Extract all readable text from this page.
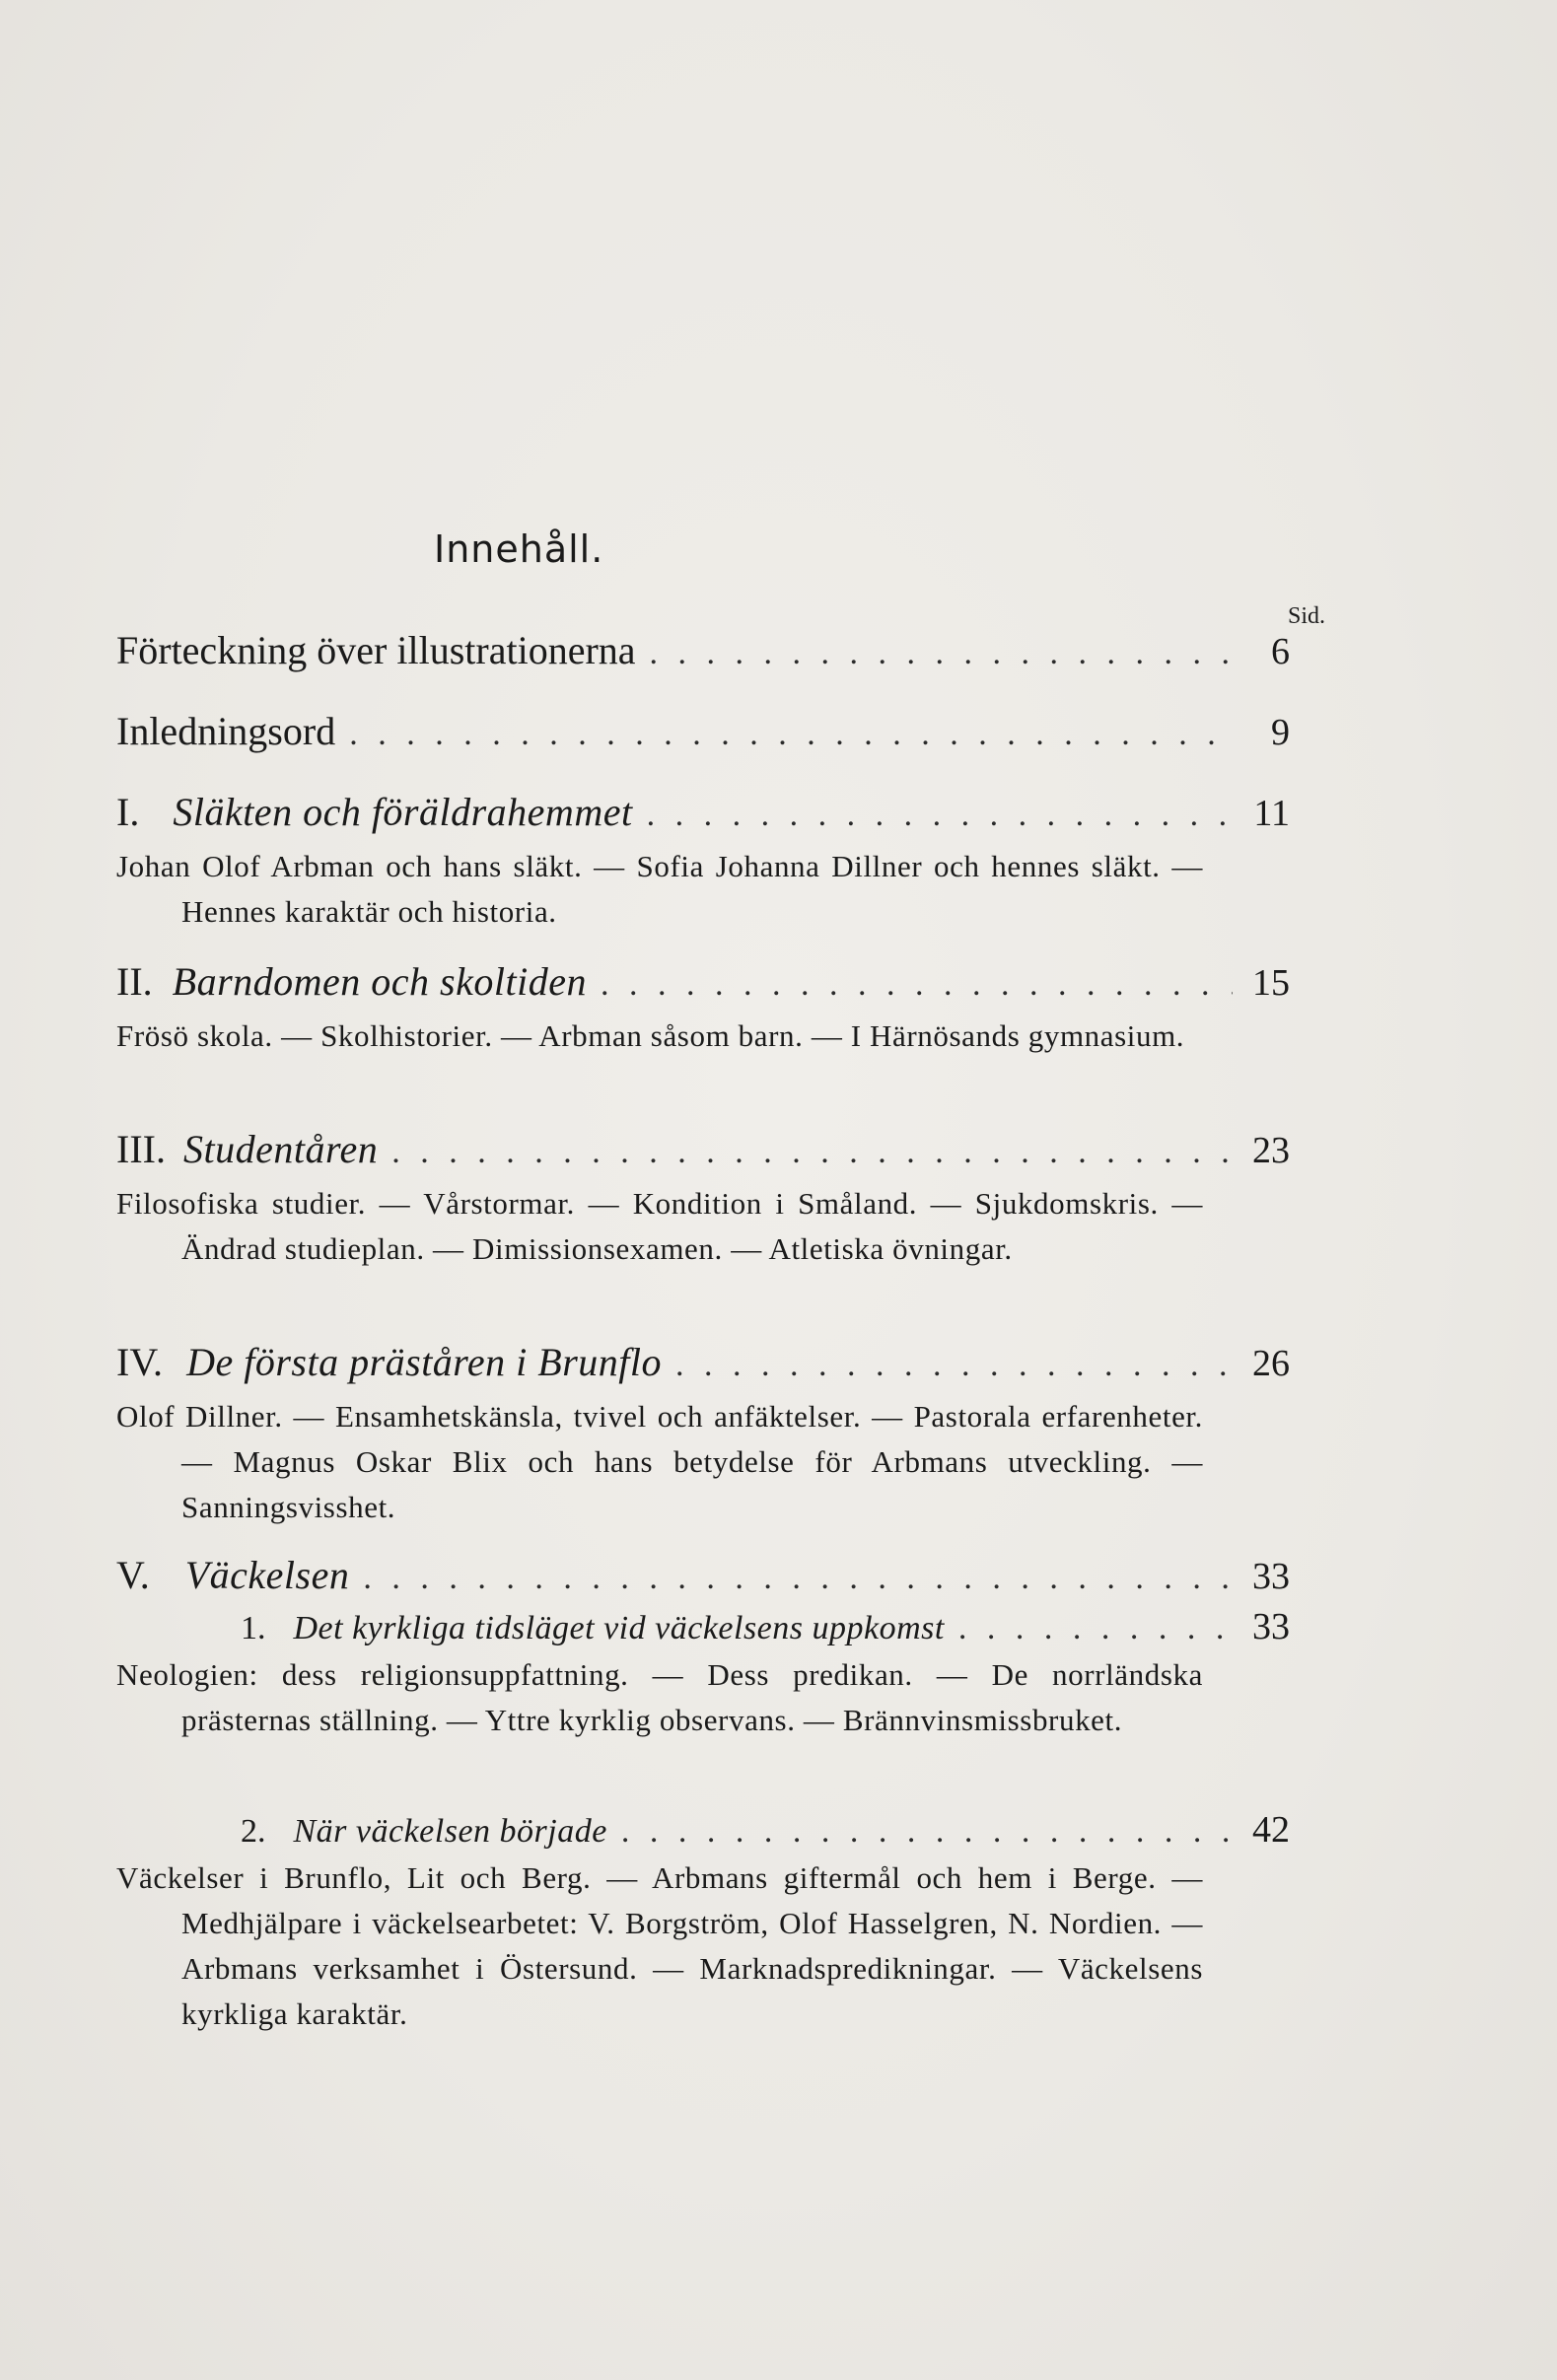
Innehåll.
Sid.
Förteckning över illustrationerna . . .	6
Inledningsord . . .	9
I. Släkten och föräldrahemmet . . .	11
Johan Olof Arbman och hans släkt. — Sofia Johanna Dillner och hennes släkt. — Hennes karaktär och historia.
II. Barndomen och skoltiden . . .	15
Frösö skola. — Skolhistorier. — Arbman såsom barn. — I Härnösands gymnasium.
III. Studentåren . . .	23
Filosofiska studier. — Vårstormar. — Kondition i Småland. — Sjukdomskris. — Ändrad studieplan. — Dimissionsexamen. — Atletiska övningar.
IV. De första präståren i Brunflo . . .	26
Olof Dillner. — Ensamhetskänsla, tvivel och anfäktelser. — Pastorala erfarenheter. — Magnus Oskar Blix och hans betydelse för Arbmans utveckling. — Sanningsvisshet.
V. Väckelsen . . .	33
1. Det kyrkliga tidsläget vid väckelsens uppkomst . . .	33
Neologien: dess religionsuppfattning. — Dess predikan. — De norrländska prästernas ställning. — Yttre kyrklig observans. — Brännvinsmissbruket.
2. När väckelsen började . . .	42
Väckelser i Brunflo, Lit och Berg. — Arbmans giftermål och hem i Berge. — Medhjälpare i väckelsearbetet: V. Borgström, Olof Hasselgren, N. Nordien. — Arbmans verksamhet i Östersund. — Marknadspredikningar. — Väckelsens kyrkliga karaktär.
